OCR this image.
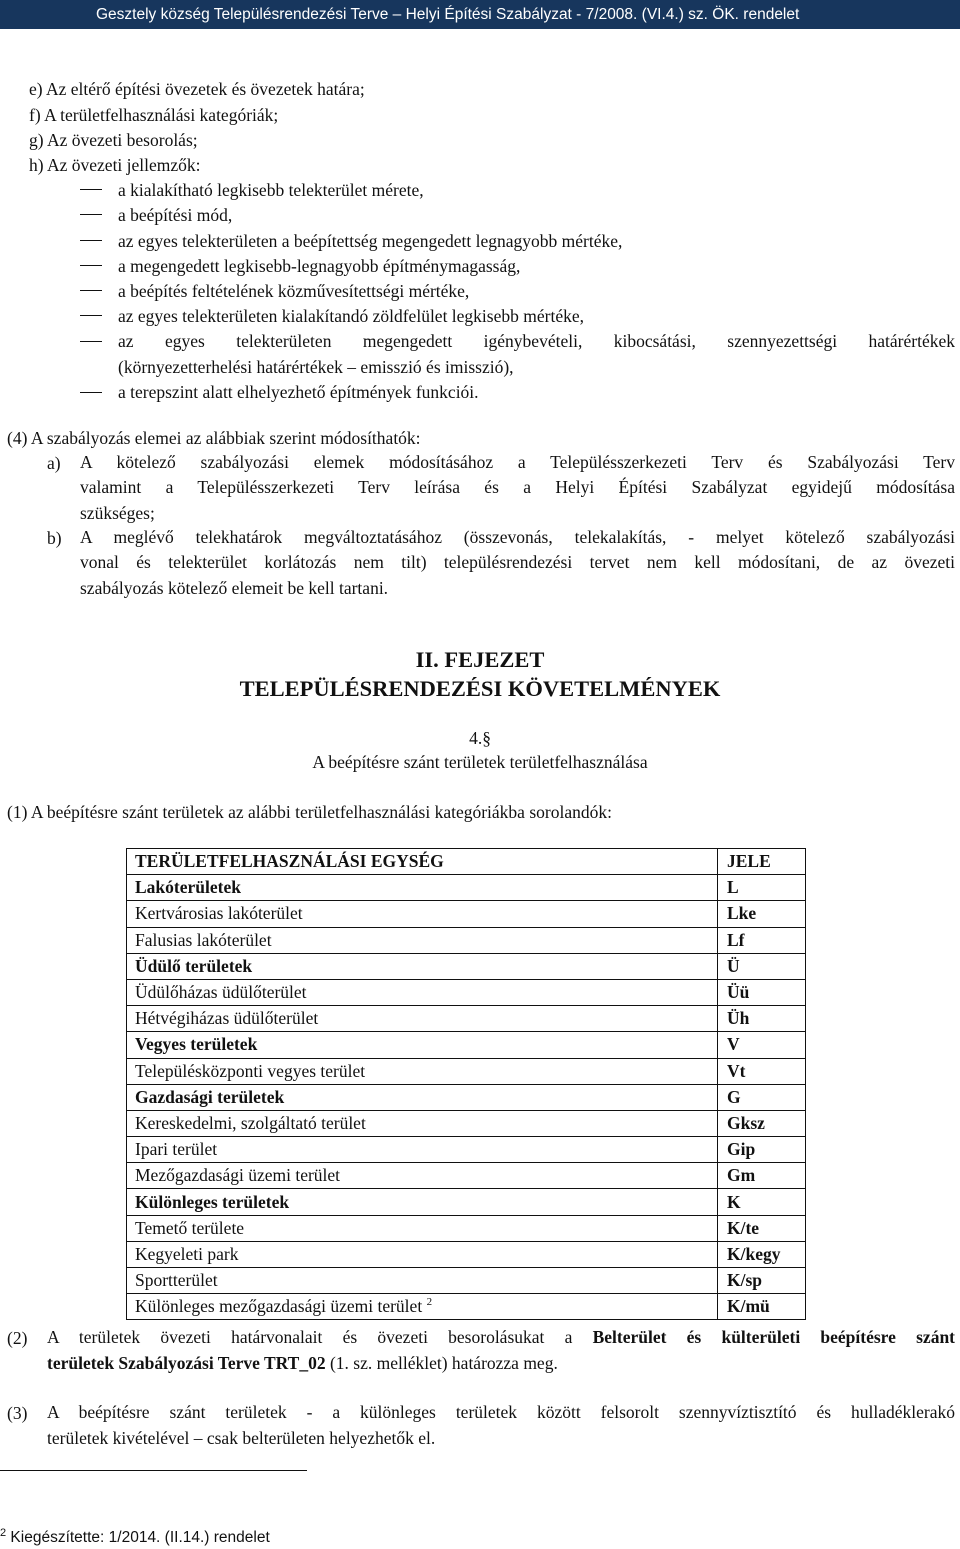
Gesztely község Településrendezési Terve – Helyi Építési Szabályzat - 7/2008. (VI.4.) sz. ÖK. rendelet
e) Az eltérő építési övezetek és övezetek határa;
f) A területfelhasználási kategóriák;
g) Az övezeti besorolás;
h) Az övezeti jellemzők:
a kialakítható legkisebb telekterület mérete,
a beépítési mód,
az egyes telekterületen a beépítettség megengedett legnagyobb mértéke,
a megengedett legkisebb-legnagyobb építménymagasság,
a beépítés feltételének közművesítettségi mértéke,
az egyes telekterületen kialakítandó zöldfelület legkisebb mértéke,
az egyes telekterületen megengedett igénybevételi, kibocsátási, szennyezettségi határértékek
(környezetterhelési határértékek – emisszió és imisszió),
a terepszint alatt elhelyezhető építmények funkciói.
(4) A szabályozás elemei az alábbiak szerint módosíthatók:
a) A kötelező szabályozási elemek módosításához a Településszerkezeti Terv és Szabályozási Terv
valamint a Településszerkezeti Terv leírása és a Helyi Építési Szabályzat egyidejű módosítása
szükséges;
b) A meglévő telekhatárok megváltoztatásához (összevonás, telekalakítás, - melyet kötelező szabályozási
vonal és telekterület korlátozás nem tilt) településrendezési tervet nem kell módosítani, de az övezeti
szabályozás kötelező elemeit be kell tartani.
II. FEJEZET
TELEPÜLÉSRENDEZÉSI KÖVETELMÉNYEK
4.§
A beépítésre szánt területek területfelhasználása
(1) A beépítésre szánt területek az alábbi területfelhasználási kategóriákba sorolandók:
TERÜLETFELHASZNÁLÁSI EGYSÉG	JELE
Lakóterületek	L
Kertvárosias lakóterület	Lke
Falusias lakóterület	Lf
Üdülő területek	Ü
Üdülőházas üdülőterület	Üü
Hétvégiházas üdülőterület	Üh
Vegyes területek	V
Településközponti vegyes terület	Vt
Gazdasági területek	G
Kereskedelmi, szolgáltató terület	Gksz
Ipari terület	Gip
Mezőgazdasági üzemi terület	Gm
Különleges területek	K
Temető területe	K/te
Kegyeleti park	K/kegy
Sportterület	K/sp
Különleges mezőgazdasági üzemi terület $^2$	K/mü
(2) A területek övezeti határvonalait és övezeti besorolásukat a Belterület és külterületi beépítésre szánt
területek Szabályozási Terve TRT_02 (1. sz. melléklet) határozza meg.
(3) A beépítésre szánt területek - a különleges területek között felsorolt szennyvíztisztító és hulladéklerakó
területek kivételével – csak belterületen helyezhetők el.
$^2$ Kiegészítette: 1/2014. (II.14.) rendelet
